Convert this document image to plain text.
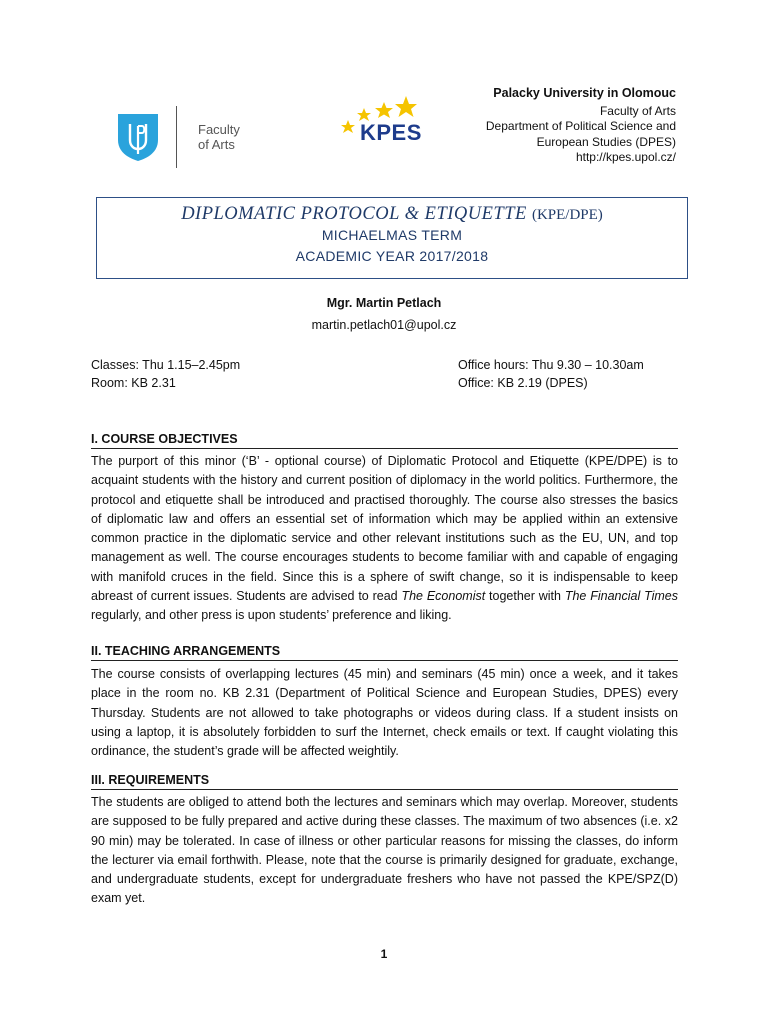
Faculty
of Arts	KPES
Palacky University in Olomouc
Faculty of Arts
Department of Political Science and
European Studies (DPES)
http://kpes.upol.cz/
DIPLOMATIC PROTOCOL & ETIQUETTE (KPE/DPE)
MICHAELMAS TERM
ACADEMIC YEAR 2017/2018
Mgr. Martin Petlach
martin.petlach01@upol.cz
Classes: Thu 1.15–2.45pm
Room: KB 2.31
Office hours: Thu 9.30 – 10.30am
Office: KB 2.19 (DPES)
I. COURSE OBJECTIVES
The purport of this minor (‘B’ - optional course) of Diplomatic Protocol and Etiquette (KPE/DPE) is to acquaint students with the history and current position of diplomacy in the world politics. Furthermore, the protocol and etiquette shall be introduced and practised thoroughly. The course also stresses the basics of diplomatic law and offers an essential set of information which may be applied within an extensive common practice in the diplomatic service and other relevant institutions such as the EU, UN, and top management as well. The course encourages students to become familiar with and capable of engaging with manifold cruces in the field. Since this is a sphere of swift change, so it is indispensable to keep abreast of current issues. Students are advised to read The Economist together with The Financial Times regularly, and other press is upon students’ preference and liking.
II. TEACHING ARRANGEMENTS
The course consists of overlapping lectures (45 min) and seminars (45 min) once a week, and it takes place in the room no. KB 2.31 (Department of Political Science and European Studies, DPES) every Thursday. Students are not allowed to take photographs or videos during class. If a student insists on using a laptop, it is absolutely forbidden to surf the Internet, check emails or text. If caught violating this ordinance, the student’s grade will be affected weightily.
III. REQUIREMENTS
The students are obliged to attend both the lectures and seminars which may overlap. Moreover, students are supposed to be fully prepared and active during these classes. The maximum of two absences (i.e. x2 90 min) may be tolerated. In case of illness or other particular reasons for missing the classes, do inform the lecturer via email forthwith. Please, note that the course is primarily designed for graduate, exchange, and undergraduate students, except for undergraduate freshers who have not passed the KPE/SPZ(D) exam yet.
1
